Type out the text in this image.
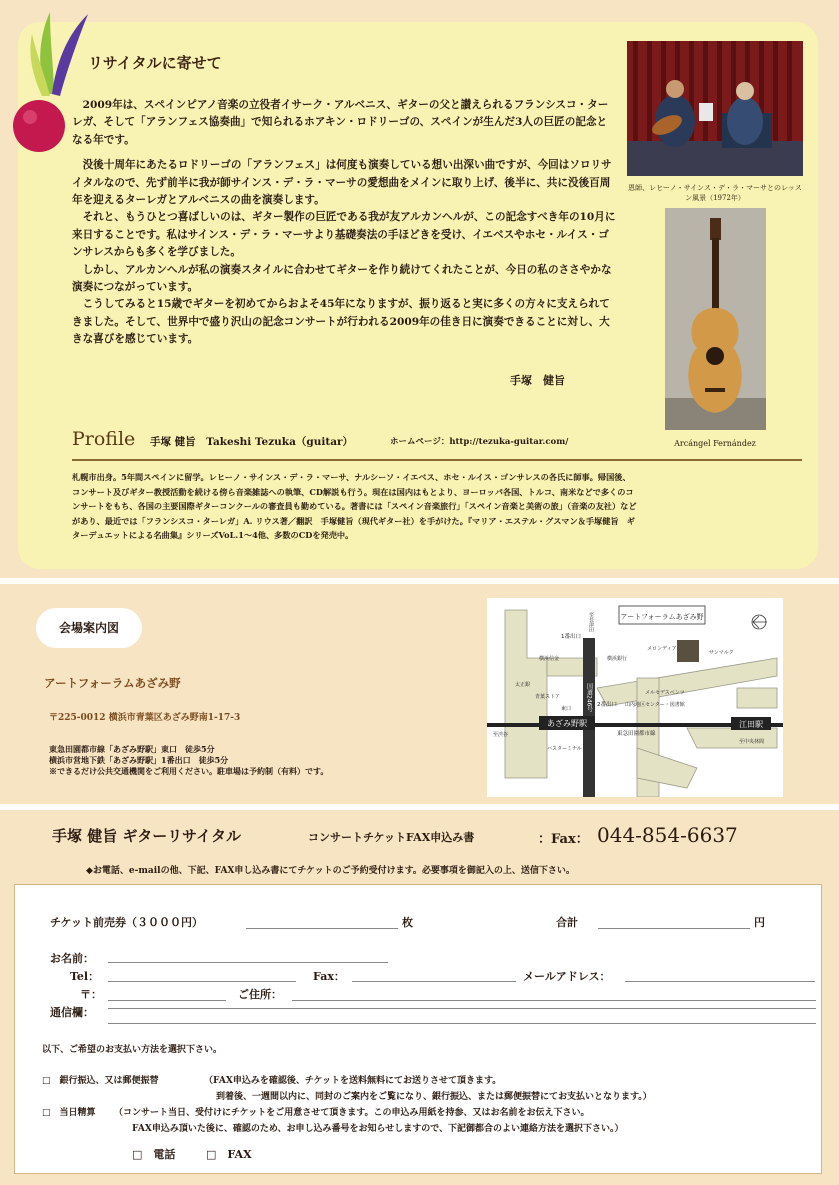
リサイタルに寄せて

2009年は、スペインピアノ音楽の立役者イサーク・アルベニス、ギターの父と讃えられるフランシスコ・ターレガ、そして「アランフェス協奏曲」で知られるホアキン・ロドリーゴの、スペインが生んだ3人の巨匠の記念となる年です。

没後十周年にあたるロドリーゴの「アランフェス」は何度も演奏している想い出深い曲ですが、今回はソロリサイタルなので、先ず前半に我が師サインス・デ・ラ・マーサの愛想曲をメインに取り上げ、後半に、共に没後百周年を迎えるターレガとアルベニスの曲を演奏します。

それと、もうひとつ喜ばしいのは、ギター製作の巨匠である我が友アルカンヘルが、この記念すべき年の10月に来日することです。私はサインス・デ・ラ・マーサより基礎奏法の手ほどきを受け、イエベスやホセ・ルイス・ゴンサレスからも多くを学びました。

しかし、アルカンヘルが私の演奏スタイルに合わせてギターを作り続けてくれたことが、今日の私のささやかな演奏につながっています。

こうしてみると15歳でギターを初めてからおよそ45年になりますが、振り返ると実に多くの方々に支えられてきました。そして、世界中で盛り沢山の記念コンサートが行われる2009年の佳き日に演奏できることに対し、大きな喜びを感じています。

手塚　健旨
恩師、レヒーノ・サインス・デ・ラ・マーサとのレッスン風景（1972年）
Arcángel Fernández
Profile 手塚 健旨　Takeshi Tezuka（guitar）	ホームページ：http://tezuka-guitar.com/
札幌市出身。5年間スペインに留学。レヒーノ・サインス・デ・ラ・マーサ、ナルシーソ・イエベス、ホセ・ルイス・ゴンサレスの各氏に師事。帰国後、コンサート及びギター教授活動を続ける傍ら音楽雑誌への執筆、CD解説も行う。現在は国内はもとより、ヨーロッパ各国、トルコ、南米などで多くのコンサートをもち、各国の主要国際ギターコンクールの審査員も勤めている。著書には「スペイン音楽旅行」「スペイン音楽と美術の旅」（音楽の友社）などがあり、最近では「フランシスコ・ターレガ」A. リウス著／翻訳　手塚健旨（現代ギター社）を手がけた。『マリア・エステル・グスマン＆手塚健旨　ギターデュエットによる名曲集』シリーズVoL.1〜4他、多数のCDを発売中。
会場案内図
アートフォーラムあざみ野
〒225-0012 横浜市青葉区あざみ野南1-17-3
東急田園都市線「あざみ野駅」東口　徒歩5分
横浜市営地下鉄「あざみ野駅」1番出口　徒歩5分
※できるだけ公共交通機関をご利用ください。駐車場は予約制（有料）です。
あざみ野駅	江田駅
アートフォーラムあざみ野
国道246号
1番出口
2番出口
東急田園都市線
横浜信金	横浜銀行
メロンディア
サンマルク
太正銀
青葉ストア
東口
メルセデスベンツ
山内地区センター・図書館
至渋谷
至中央林間
バスターミナル
至長津田
手塚 健旨 ギターリサイタル	コンサートチケットFAX申込み書	：Fax： 044-854-6637
◆お電話、e-mailの他、下記、FAX申し込み書にてチケットのご予約受付けます。必要事項を御記入の上、送信下さい。
チケット前売券（３０００円）	枚	合計	円
お名前：
Tel：	Fax：	メールアドレス：
〒：	ご住所：
通信欄：
以下、ご希望のお支払い方法を選択下さい。
□　銀行振込、又は郵便振替	（FAX申込みを確認後、チケットを送料無料にてお送りさせて頂きます。
到着後、一週間以内に、同封のご案内をご覧になり、銀行振込、または郵便振替にてお支払いとなります。）
□　当日精算 （コンサート当日、受付けにチケットをご用意させて頂きます。この申込み用紙を持参、又はお名前をお伝え下さい。
FAX申込み頂いた後に、確認のため、お申し込み番号をお知らせしますので、下記御都合のよい連絡方法を選択下さい。）
□　電話	□　FAX
